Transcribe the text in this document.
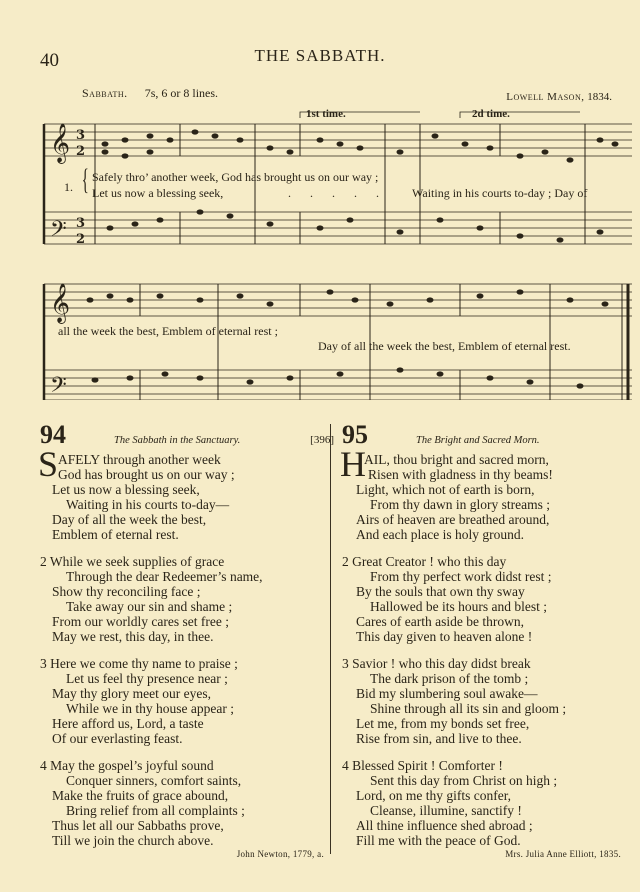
40	THE SABBATH.
Sabbath. 7s, 6 or 8 lines.	Lowell Mason, 1834.
1st time.	2d time.
𝄞
𝄢
𝄞
𝄢
3
2
3
2
1. { Safely thro’ another week, God has brought us on our way ;
Let us now a blessing seek,	. . . . . Waiting in his courts to-day ; Day of
all the week the best, Emblem of eternal rest ;
Day of all the week the best, Emblem of eternal rest.
94	The Sabbath in the Sanctuary.	[396]
S AFELY through another week
God has brought us on our way ;
Let us now a blessing seek,
Waiting in his courts to-day—
Day of all the week the best,
Emblem of eternal rest.
2 While we seek supplies of grace
Through the dear Redeemer’s name,
Show thy reconciling face ;
Take away our sin and shame ;
From our worldly cares set free ;
May we rest, this day, in thee.
3 Here we come thy name to praise ;
Let us feel thy presence near ;
May thy glory meet our eyes,
While we in thy house appear ;
Here afford us, Lord, a taste
Of our everlasting feast.
4 May the gospel’s joyful sound
Conquer sinners, comfort saints,
Make the fruits of grace abound,
Bring relief from all complaints ;
Thus let all our Sabbaths prove,
Till we join the church above.
John Newton, 1779, a.
95	The Bright and Sacred Morn.
H
AIL, thou bright and sacred morn,
Risen with gladness in thy beams!
Light, which not of earth is born,
From thy dawn in glory streams ;
Airs of heaven are breathed around,
And each place is holy ground.
2 Great Creator ! who this day
From thy perfect work didst rest ;
By the souls that own thy sway
Hallowed be its hours and blest ;
Cares of earth aside be thrown,
This day given to heaven alone !
3 Savior ! who this day didst break
The dark prison of the tomb ;
Bid my slumbering soul awake—
Shine through all its sin and gloom ;
Let me, from my bonds set free,
Rise from sin, and live to thee.
4 Blessed Spirit ! Comforter !
Sent this day from Christ on high ;
Lord, on me thy gifts confer,
Cleanse, illumine, sanctify !
All thine influence shed abroad ;
Fill me with the peace of God.
Mrs. Julia Anne Elliott, 1835.
